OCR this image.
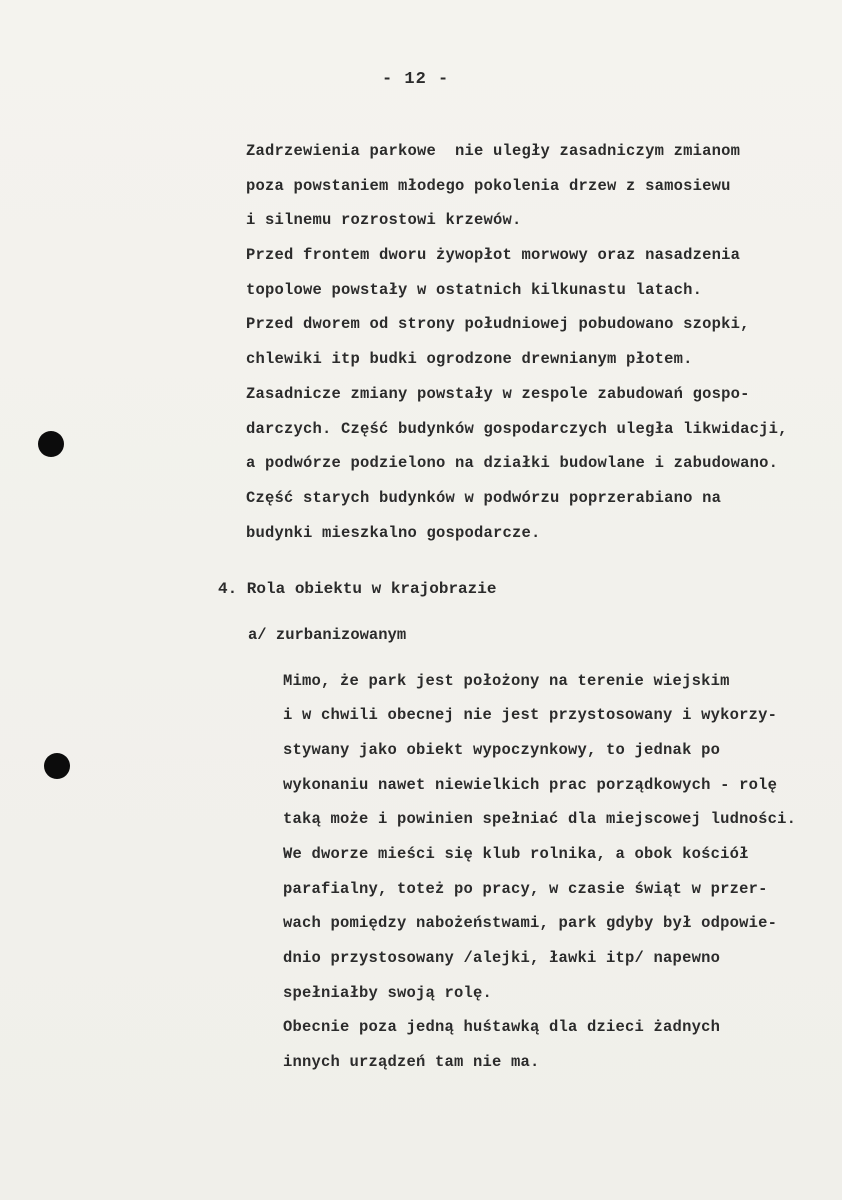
- 12 -
Zadrzewienia parkowe  nie uległy zasadniczym zmianom
poza powstaniem młodego pokolenia drzew z samosiewu
i silnemu rozrostowi krzewów.
Przed frontem dworu żywopłot morwowy oraz nasadzenia
topolowe powstały w ostatnich kilkunastu latach.
Przed dworem od strony południowej pobudowano szopki,
chlewiki itp budki ogrodzone drewnianym płotem.
Zasadnicze zmiany powstały w zespole zabudowań gospo-
darczych. Część budynków gospodarczych uległa likwidacji,
a podwórze podzielono na działki budowlane i zabudowano.
Część starych budynków w podwórzu poprzerabiano na
budynki mieszkalno gospodarcze.
4. Rola obiektu w krajobrazie
a/ zurbanizowanym
Mimo, że park jest położony na terenie wiejskim
i w chwili obecnej nie jest przystosowany i wykorzy-
stywany jako obiekt wypoczynkowy, to jednak po
wykonaniu nawet niewielkich prac porządkowych - rolę
taką może i powinien spełniać dla miejscowej ludności.
We dworze mieści się klub rolnika, a obok kościół
parafialny, toteż po pracy, w czasie świąt w przer-
wach pomiędzy nabożeństwami, park gdyby był odpowie-
dnio przystosowany /alejki, ławki itp/ napewno
spełniałby swoją rolę.
Obecnie poza jedną huśtawką dla dzieci żadnych
innych urządzeń tam nie ma.
